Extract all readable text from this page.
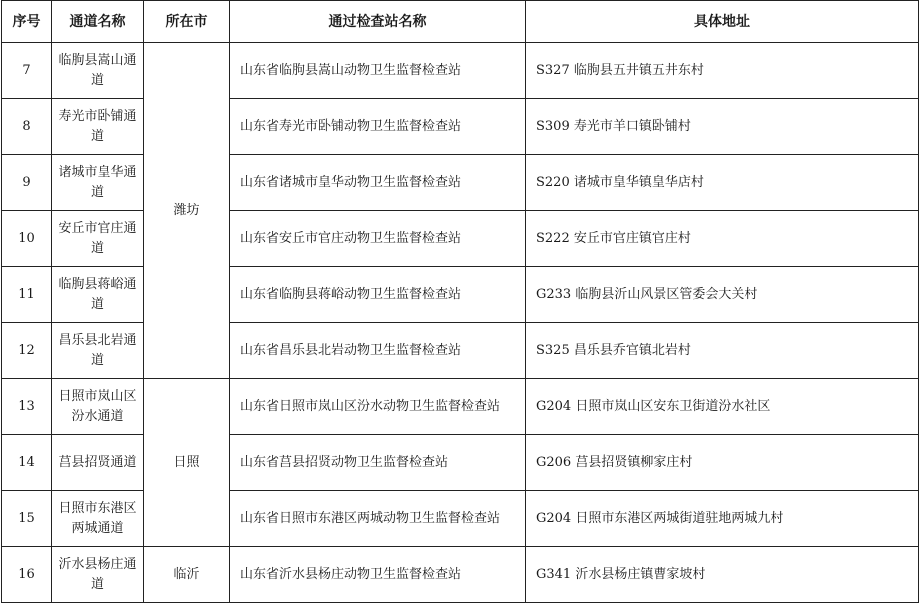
序号	通道名称	所在市	通过检查站名称	具体地址
7	临朐县嵩山通道	潍坊	山东省临朐县嵩山动物卫生监督检查站	S327 临朐县五井镇五井东村
8	寿光市卧铺通道		山东省寿光市卧铺动物卫生监督检查站	S309 寿光市羊口镇卧铺村
9	诸城市皇华通道		山东省诸城市皇华动物卫生监督检查站	S220 诸城市皇华镇皇华店村
10	安丘市官庄通道		山东省安丘市官庄动物卫生监督检查站	S222 安丘市官庄镇官庄村
11	临朐县蒋峪通道		山东省临朐县蒋峪动物卫生监督检查站	G233 临朐县沂山风景区管委会大关村
12	昌乐县北岩通道		山东省昌乐县北岩动物卫生监督检查站	S325 昌乐县乔官镇北岩村
13	日照市岚山区汾水通道	日照	山东省日照市岚山区汾水动物卫生监督检查站	G204 日照市岚山区安东卫街道汾水社区
14	莒县招贤通道		山东省莒县招贤动物卫生监督检查站	G206 莒县招贤镇柳家庄村
15	日照市东港区两城通道		山东省日照市东港区两城动物卫生监督检查站	G204 日照市东港区两城街道驻地两城九村
16	沂水县杨庄通道	临沂	山东省沂水县杨庄动物卫生监督检查站	G341 沂水县杨庄镇曹家坡村
